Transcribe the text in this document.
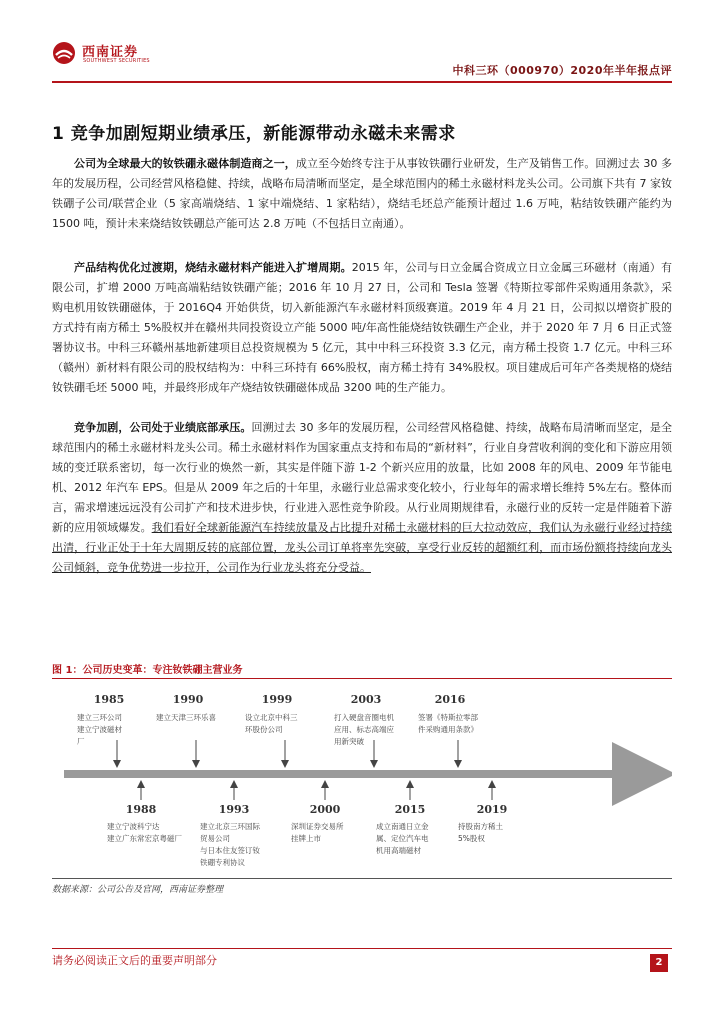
西南证券
SOUTHWEST SECURITIES
中科三环（000970）2020年半年报点评
1 竞争加剧短期业绩承压，新能源带动永磁未来需求

公司为全球最大的钕铁硼永磁体制造商之一，成立至今始终专注于从事钕铁硼行业研发，生产及销售工作。回溯过去 30 多年的发展历程，公司经营风格稳健、持续，战略布局清晰而坚定，是全球范围内的稀土永磁材料龙头公司。公司旗下共有 7 家钕铁硼子公司/联营企业（5 家高端烧结、1 家中端烧结、1 家粘结），烧结毛坯总产能预计超过 1.6 万吨，粘结钕铁硼产能约为 1500 吨，预计未来烧结钕铁硼总产能可达 2.8 万吨（不包括日立南通）。

产品结构优化过渡期，烧结永磁材料产能进入扩增周期。2015 年，公司与日立金属合资成立日立金属三环磁材（南通）有限公司，扩增 2000 万吨高端粘结钕铁硼产能；2016 年 10 月 27 日，公司和 Tesla 签署《特斯拉零部件采购通用条款》，采购电机用钕铁硼磁体，于 2016Q4 开始供货，切入新能源汽车永磁材料顶级赛道。2019 年 4 月 21 日，公司拟以增资扩股的方式持有南方稀土 5%股权并在赣州共同投资设立产能 5000 吨/年高性能烧结钕铁硼生产企业，并于 2020 年 7 月 6 日正式签署协议书。中科三环赣州基地新建项目总投资规模为 5 亿元，其中中科三环投资 3.3 亿元，南方稀土投资 1.7 亿元。中科三环（赣州）新材料有限公司的股权结构为：中科三环持有 66%股权，南方稀土持有 34%股权。项目建成后可年产各类规格的烧结钕铁硼毛坯 5000 吨，并最终形成年产烧结钕铁硼磁体成品 3200 吨的生产能力。

竞争加剧，公司处于业绩底部承压。回溯过去 30 多年的发展历程，公司经营风格稳健、持续，战略布局清晰而坚定，是全球范围内的稀土永磁材料龙头公司。稀土永磁材料作为国家重点支持和布局的“新材料”，行业自身营收利润的变化和下游应用领域的变迁联系密切，每一次行业的焕然一新，其实是伴随下游 1-2 个新兴应用的放量，比如 2008 年的风电、2009 年节能电机、2012 年汽车 EPS。但是从 2009 年之后的十年里，永磁行业总需求变化较小，行业每年的需求增长维持 5%左右。整体而言，需求增速远远没有公司扩产和技术进步快，行业进入恶性竞争阶段。从行业周期规律看，永磁行业的反转一定是伴随着下游新的应用领域爆发。我们看好全球新能源汽车持续放量及占比提升对稀土永磁材料的巨大拉动效应，我们认为永磁行业经过持续出清，行业正处于十年大周期反转的底部位置，龙头公司订单将率先突破，享受行业反转的超额红利，而市场份额将持续向龙头公司倾斜，竞争优势进一步拉开，公司作为行业龙头将充分受益。

图 1：公司历史变革：专注钕铁硼主营业务
1985
建立三环公司
建立宁波磁材
厂
1990
建立天津三环乐喜
1999
设立北京中科三
环股份公司
2003
打入硬盘音圈电机
应用、标志高端应
用新突破
2016
签署《特斯拉零部
件采购通用条款》
1988
建立宁波科宁达
建立广东常宏京粤磁厂
1993
建立北京三环国际
贸易公司
与日本住友签订钕
铁硼专利协议
2000
深圳证券交易所
挂牌上市
2015
成立南通日立金
属、定位汽车电
机用高端磁材
2019
持股南方稀土
5%股权
数据来源：公司公告及官网，西南证券整理
请务必阅读正文后的重要声明部分	2
